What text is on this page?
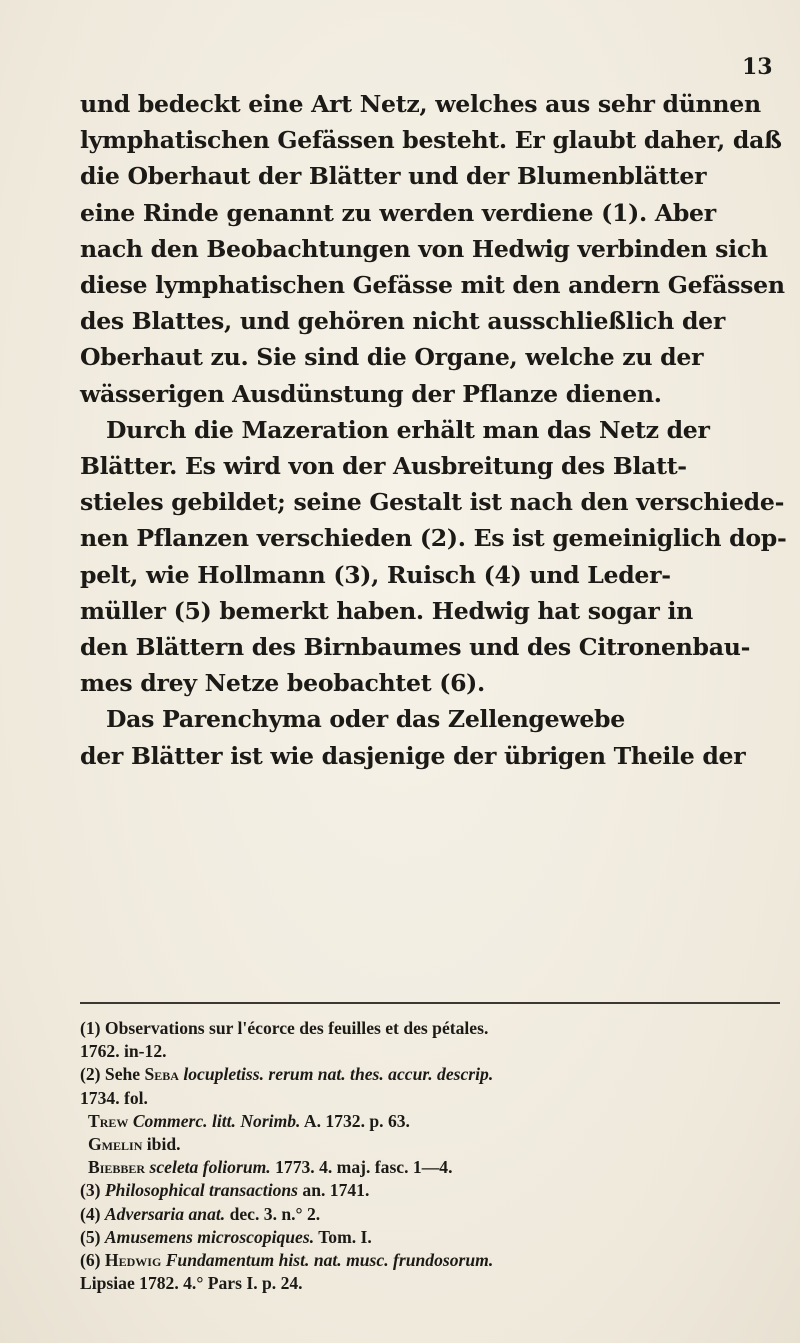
13
und bedeckt eine Art Netz, welches aus sehr dünnen
lymphatischen Gefässen besteht. Er glaubt daher, daß
die Oberhaut der Blätter und der Blumenblätter
eine Rinde genannt zu werden verdiene (1). Aber
nach den Beobachtungen von Hedwig verbinden sich
diese lymphatischen Gefässe mit den andern Gefässen
des Blattes, und gehören nicht ausschließlich der
Oberhaut zu. Sie sind die Organe, welche zu der
wässerigen Ausdünstung der Pflanze dienen.
Durch die Mazeration erhält man das Netz der
Blätter. Es wird von der Ausbreitung des Blatt-
stieles gebildet; seine Gestalt ist nach den verschiede-
nen Pflanzen verschieden (2). Es ist gemeiniglich dop-
pelt, wie Hollmann (3), Ruisch (4) und Leder-
müller (5) bemerkt haben. Hedwig hat sogar in
den Blättern des Birnbaumes und des Citronenbau-
mes drey Netze beobachtet (6).
Das Parenchyma oder das Zellengewebe
der Blätter ist wie dasjenige der übrigen Theile der
(1) Observations sur l'écorce des feuilles et des pétales.
1762. in-12.
(2) Sehe Seba locupletiss. rerum nat. thes. accur. descrip.
1734. fol.
Trew Commerc. litt. Norimb. A. 1732. p. 63.
Gmelin ibid.
Biebber sceleta foliorum. 1773. 4. maj. fasc. 1—4.
(3) Philosophical transactions an. 1741.
(4) Adversaria anat. dec. 3. n.° 2.
(5) Amusemens microscopiques. Tom. I.
(6) Hedwig Fundamentum hist. nat. musc. frundosorum.
Lipsiae 1782. 4.° Pars I. p. 24.
